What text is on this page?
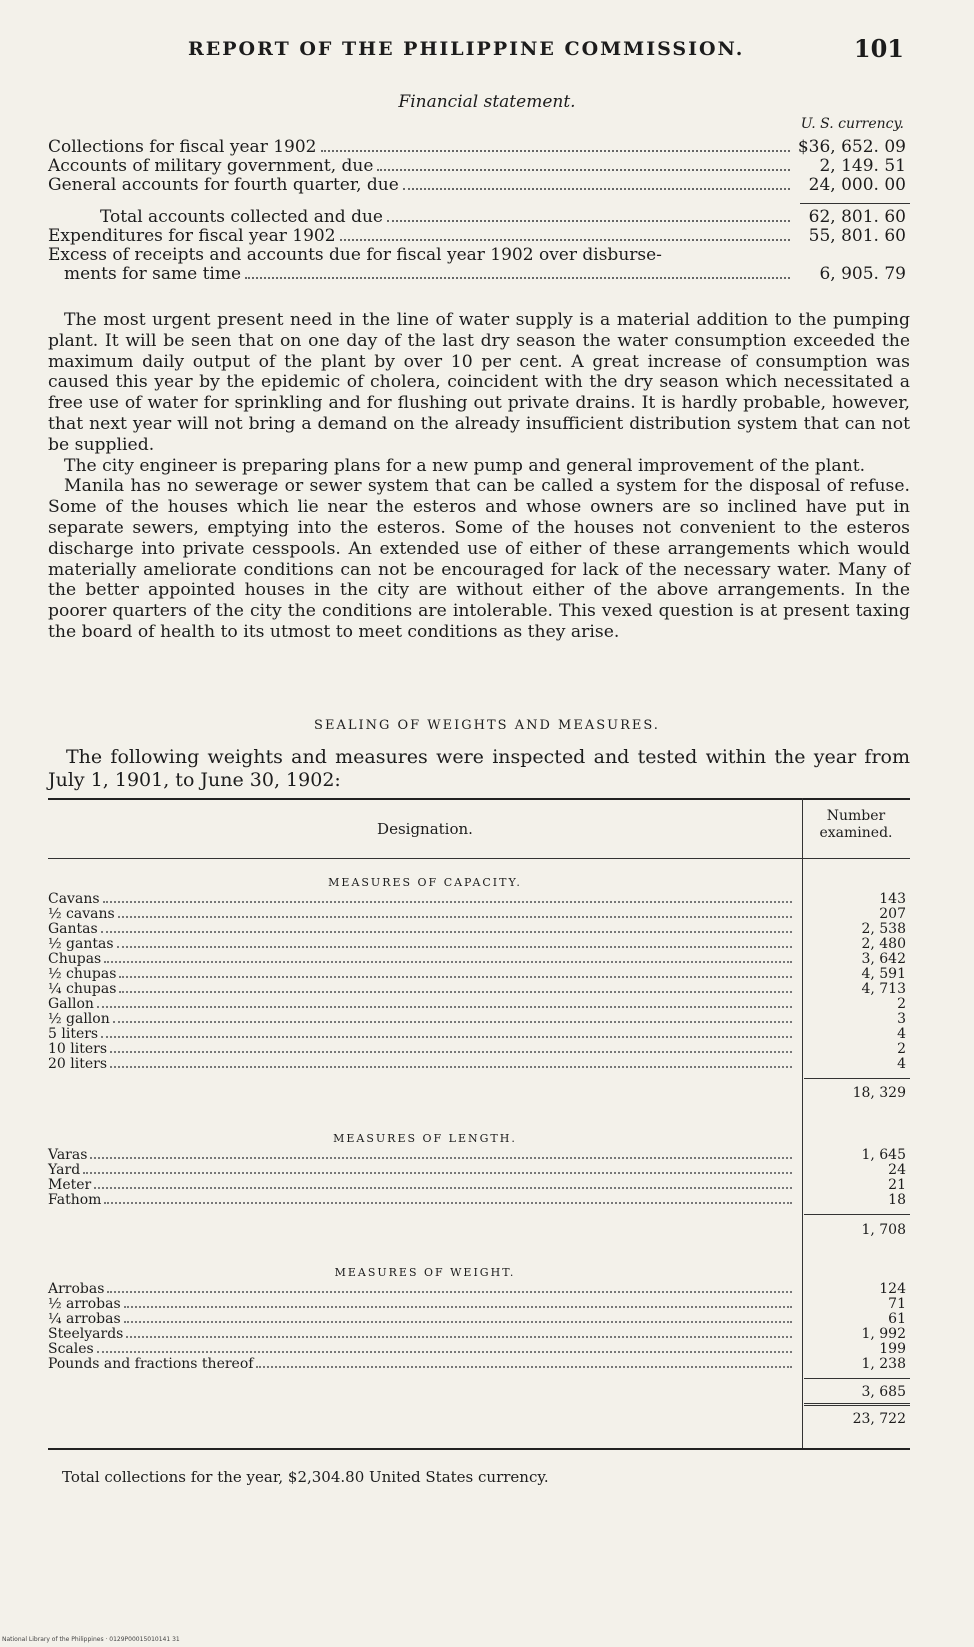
REPORT OF THE PHILIPPINE COMMISSION.	101
Financial statement.
U. S. currency.
Collections for fiscal year 1902	$36, 652. 09
Accounts of military government, due	2, 149. 51
General accounts for fourth quarter, due	24, 000. 00
Total accounts collected and due	62, 801. 60
Expenditures for fiscal year 1902	55, 801. 60
Excess of receipts and accounts due for fiscal year 1902 over disburse-
ments for same time	6, 905. 79

The most urgent present need in the line of water supply is a material addition to the pumping plant. It will be seen that on one day of the last dry season the water consumption exceeded the maximum daily output of the plant by over 10 per cent. A great increase of consumption was caused this year by the epidemic of cholera, coincident with the dry season which necessitated a free use of water for sprinkling and for flushing out private drains. It is hardly probable, however, that next year will not bring a demand on the already insufficient distribution system that can not be supplied.

The city engineer is preparing plans for a new pump and general improvement of the plant.

Manila has no sewerage or sewer system that can be called a system for the disposal of refuse. Some of the houses which lie near the esteros and whose owners are so inclined have put in separate sewers, emptying into the esteros. Some of the houses not convenient to the esteros discharge into private cesspools. An extended use of either of these arrangements which would materially ameliorate conditions can not be encouraged for lack of the necessary water. Many of the better appointed houses in the city are without either of the above arrangements. In the poorer quarters of the city the conditions are intolerable. This vexed question is at present taxing the board of health to its utmost to meet conditions as they arise.

SEALING OF WEIGHTS AND MEASURES.

The following weights and measures were inspected and tested within the year from July 1, 1901, to June 30, 1902:

Designation.
Number examined.
MEASURES OF CAPACITY.
Cavans	143
½ cavans	207
Gantas	2, 538
½ gantas	2, 480
Chupas	3, 642
½ chupas	4, 591
¼ chupas	4, 713
Gallon	2
½ gallon	3
5 liters	4
10 liters	2
20 liters	4
18, 329
MEASURES OF LENGTH.
Varas	1, 645
Yard	24
Meter	21
Fathom	18
1, 708
MEASURES OF WEIGHT.
Arrobas	124
½ arrobas	71
¼ arrobas	61
Steelyards	1, 992
Scales	199
Pounds and fractions thereof	1, 238
3, 685
23, 722
Total collections for the year, $2,304.80 United States currency.
National Library of the Philippines · 0129P00015010141 31
